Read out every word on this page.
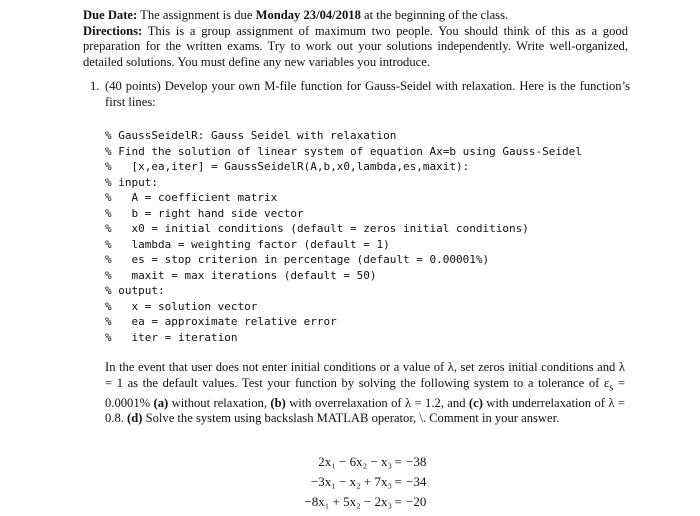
Due Date: The assignment is due Monday 23/04/2018 at the beginning of the class.
Directions: This is a group assignment of maximum two people. You should think of this as a good preparation for the written exams. Try to work out your solutions independently. Write well-organized, detailed solutions. You must define any new variables you introduce.
1. (40 points) Develop your own M-file function for Gauss-Seidel with relaxation. Here is the function’s first lines:
% GaussSeidelR: Gauss Seidel with relaxation
% Find the solution of linear system of equation Ax=b using Gauss-Seidel
%   [x,ea,iter] = GaussSeidelR(A,b,x0,lambda,es,maxit):
% input:
%   A = coefficient matrix
%   b = right hand side vector
%   x0 = initial conditions (default = zeros initial conditions)
%   lambda = weighting factor (default = 1)
%   es = stop criterion in percentage (default = 0.00001%)
%   maxit = max iterations (default = 50)
% output:
%   x = solution vector
%   ea = approximate relative error
%   iter = iteration
In the event that user does not enter initial conditions or a value of λ, set zeros initial conditions and λ = 1 as the default values. Test your function by solving the following system to a tolerance of $\varepsilon_s = 0.0001\%$ (a) without relaxation, (b) with overrelaxation of λ = 1.2, and (c) with underrelaxation of λ = 0.8. (d) Solve the system using backslash MATLAB operator, \. Comment in your answer.
2x₁ − 6x₂ − x₃ = −38
−3x₁ − x₂ + 7x₃ = −34
−8x₁ + 5x₂ − 2x₃ = −20
